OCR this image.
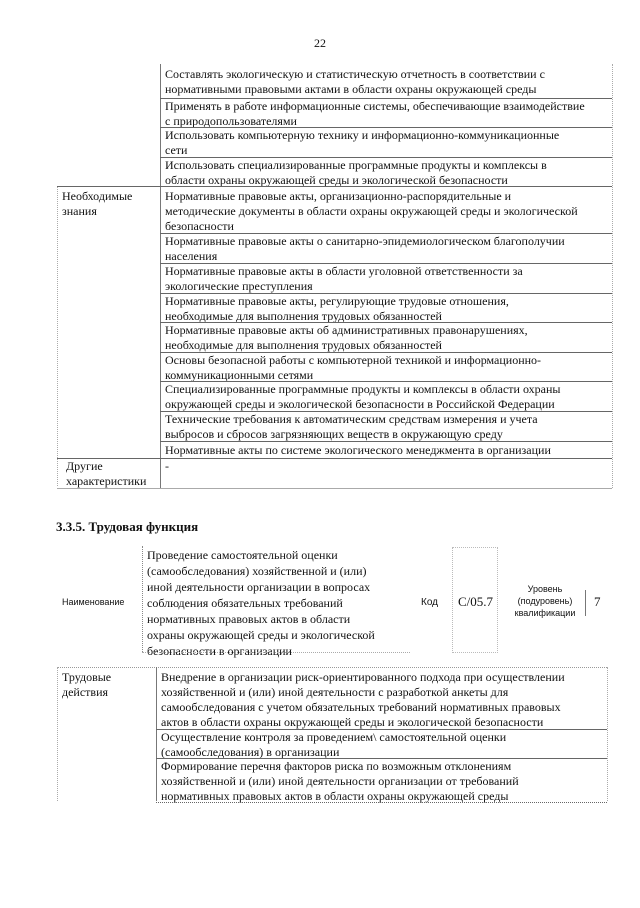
22
Составлять экологическую и статистическую отчетность в соответствии с
нормативными правовыми актами в области охраны окружающей среды
Применять в работе информационные системы, обеспечивающие взаимодействие
с природопользователями
Использовать компьютерную технику и информационно-коммуникационные
сети
Использовать специализированные программные продукты и комплексы в
области охраны окружающей среды и экологической безопасности
Необходимые
знания
Нормативные правовые акты, организационно-распорядительные и
методические документы в области охраны окружающей среды и экологической
безопасности
Нормативные правовые акты о санитарно-эпидемиологическом благополучии
населения
Нормативные правовые акты в области уголовной ответственности за
экологические преступления
Нормативные правовые акты, регулирующие трудовые отношения,
необходимые для выполнения трудовых обязанностей
Нормативные правовые акты об административных правонарушениях,
необходимые для выполнения трудовых обязанностей
Основы безопасной работы с компьютерной техникой и информационно-
коммуникационными сетями
Специализированные программные продукты и комплексы в области охраны
окружающей среды и экологической безопасности в Российской Федерации
Технические требования к автоматическим средствам измерения и учета
выбросов и сбросов загрязняющих веществ в окружающую среду
Нормативные акты по системе экологического менеджмента в организации
Другие
характеристики
-
3.3.5. Трудовая функция
Наименование
Проведение самостоятельной оценки
(самообследования) хозяйственной и (или)
иной деятельности организации в вопросах
соблюдения обязательных требований
нормативных правовых актов в области
охраны окружающей среды и экологической
безопасности в организации
Код C/05.7
Уровень
(подуровень)
квалификации
7
Трудовые
действия
Внедрение в организации риск-ориентированного подхода при осуществлении
хозяйственной и (или) иной деятельности с разработкой анкеты для
самообследования с учетом обязательных требований нормативных правовых
актов в области охраны окружающей среды и экологической безопасности
Осуществление контроля за проведением\ самостоятельной оценки
(самообследования) в организации
Формирование перечня факторов риска по возможным отклонениям
хозяйственной и (или) иной деятельности организации от требований
нормативных правовых актов в области охраны окружающей среды
